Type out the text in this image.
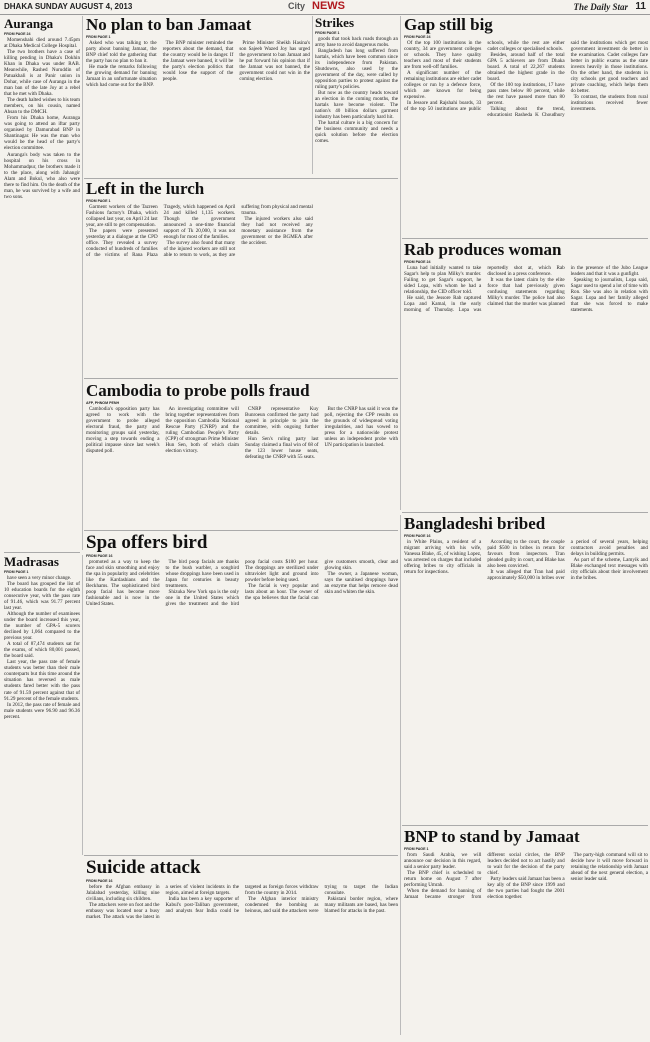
DHAKA SUNDAY AUGUST 4, 2013	City NEWS	The Daily Star 11
Auranga
FROM PAGE 24

Momenshahi died around 7.45pm at Dhaka Medical College Hospital.

The two brothers have a case of killing pending in Dhaka's Dokhin Khan in Dhaka was under RAB. Meanwhile, Rashed Nuruddin of Patuakhali is at Panir union in Dohar, while case of Auranga in the man ban of the late Joy at a rebel that he met with Dhaka.

The death halted wishes to his team members, on his cousin, named Ahsan to the DMCH.

From his Dhaka home, Auranga was going to attend an iftar party organised by Damurabad BNP in Shantinagar. He was the man who would be the head of the party's election committee.

Auranga's body was taken to the hospital on his cross in Mohammadpur, the brothers made it to the place, along with Jahangir Alam and Bokul, who also were there to find him. On the death of the man, he was survived by a wife and two sons.

No plan to ban Jamaat
FROM PAGE 1

Asked who was talking to the party about banning Jamaat, the BNP chief told the gathering that the party has no plan to ban it.

He made the remarks following the growing demand for banning Jamaat in an unfortunate situation which had come out for the BNP.

The BNP minister reminded the reporters about the demand, that the country would be in danger. If the Jamaat were banned, it will be the party's election politics that would lose the support of the people.

Prime Minister Sheikh Hasina's son Sajeeb Wazed Joy has urged the government to ban Jamaat and he put forward his opinion that if the Jamaat was not banned, the government could not win in the coming election.

Strikes
FROM PAGE 1

goods that took back roads through an army base to avoid dangerous mobs.

Bangladesh has long suffered from hartals, which have been common since its independence from Pakistan. Shutdowns, also used by the government of the day, were called by opposition parties to protest against the ruling party's policies.

But now as the country heads toward an election in the coming months, the hartals have become violent. The nation's 40 billion dollars garment industry has been particularly hard hit.

The hartal culture is a big concern for the business community and needs a quick solution before the election comes.

Gap still big
FROM PAGE 24

Of the top 100 institutions in the country, 34 are government colleges or schools. They have quality teachers and most of their students are from well-off families.

A significant number of the remaining institutions are either cadet colleges or run by a defence force, which are known for being expensive.

In Jessore and Rajshahi boards, 33 of the top 50 institutions are public schools, while the rest are either cadet colleges or specialised schools.

Besides, around half of the total GPA 5 achievers are from Dhaka board. A total of 22,267 students obtained the highest grade in the board.

Of the 100 top institutions, 17 have pass rates below 80 percent, while the rest have passed more than 80 percent.

Talking about the trend, educationist Rasheda K Choudhury said the institutions which get most government investment do better in the examination. Cadet colleges fare better in public exams as the state invests heavily in those institutions. On the other hand, the students in city schools get good teachers and private coaching, which helps them do better.

To contrast, the students from rural institutions received fewer investments.

Left in the lurch
FROM PAGE 1

Garment workers of the Tazreen Fashions factory's Dhaka, which collapsed last year, on April 24 last year, are still to get compensation.

The papers were presented yesterday at a dialogue at the CPD office. They revealed a survey conducted of hundreds of families of the victims of Rana Plaza Tragedy, which happened on April 24 and killed 1,135 workers. Though the government announced a one-time financial support of Tk 20,000, it was not enough for most of the families.

The survey also found that many of the injured workers are still not able to return to work, as they are suffering from physical and mental trauma.

The injured workers also said they had not received any monetary assistance from the government or the BGMEA after the accident.

Cambodia to probe polls fraud
AFP, PHNOM PENH

Cambodia's opposition party has agreed to work with the government to probe alleged electoral fraud, the party and monitoring groups said yesterday, moving a step towards ending a political impasse since last week's disputed poll.

An investigating committee will bring together representatives from the opposition Cambodia National Rescue Party (CNRP) and the ruling Cambodian People's Party (CPP) of strongman Prime Minister Hun Sen, both of which claim election victory.

CNRP representative Kuy Bunroeun confirmed the party had agreed in principle to join the committee, with ongoing further details.

Hun Sen's ruling party last Sunday claimed a final win of 68 of the 123 lower house seats, defeating the CNRP with 55 seats.

But the CNRP has said it won the poll, rejecting the CPP results on the grounds of widespread voting irregularities, and has vowed to press for a nationwide protest unless an independent probe with UN participation is launched.

Rab produces woman
FROM PAGE 24

Luna had initially wanted to take Sagar's help to plan Milky's murder. Failing to get Sagar's support, he sided Lopa, with whom he had a relationship, the CID officer told.

He said, the Jessore Rab captured Lopa and Kamal, in the early morning of Thursday. Lopa was reportedly shot at, which Rab disclosed in a press conference.

It was the latest claim by the elite force that had previously given confusing statements regarding Milky's murder. The police had also claimed that the murder was planned in the presence of the Jubo League leaders and that it was a gunfight.

Speaking to journalists, Lopa said, Sagar used to spend a lot of time with Ron. She was also in relation with Sagar. Lopa and her family alleged that she was forced to make statements.

Madrasas
FROM PAGE 1

have seen a very minor change.

The board has grouped the list of 10 education boards for the eighth consecutive year, with the pass rate of 91.46, which was 91.77 percent last year.

Although the number of examinees under the board increased this year, the number of GPA-5 scorers declined by 1,064 compared to the previous year.

A total of 87,474 students sat for the exams, of which 80,001 passed, the board said.

Last year, the pass rate of female students was better than their male counterparts but this time around the situation has reversed as male students fared better with the pass rate of 91.59 percent against that of 91.29 percent of the female students.

In 2012, the pass rate of female and male students were 96.90 and 96.36 percent.

Spa offers bird
FROM PAGE 16

promoted as a way to keep the face and skin smoothing and enjoy the spa in popularity and celebrities like the Kardashians and the Beckhams. The sophisticated bird poop facial has become more fashionable and is now in the United States.

The bird poop facials are thanks to the bush warbler, a songbird whose droppings have been used in Japan for centuries in beauty treatments.

Shizuka New York spa is the only one in the United States which gives the treatment and the bird poop facial costs $180 per hour. The droppings are sterilized under ultraviolet light and ground into powder before being used.

The facial is very popular and lasts about an hour. The owner of the spa believes that the facial can give customers smooth, clear and glowing skin.

The owner, a Japanese woman, says the sanitised droppings have an enzyme that helps remove dead skin and whiten the skin.

Bangladeshi bribed
FROM PAGE 16

in White Plains, a resident of a migrant arriving with his wife, Vanessa Blake, 45, of wishing Lopez, was arrested on charges that included offering bribes to city officials in return for inspections.

According to the court, the couple paid $500 in bribes in return for favours from inspectors. Tran pleaded guilty in court, and Blake has also been convicted.

It was alleged that Tran had paid approximately $50,000 in bribes over a period of several years, helping contractors avoid penalties and delays in building permits.

As part of the scheme, Lamyik and Blake exchanged text messages with city officials about their involvement in the bribes.

Suicide attack
FROM PAGE 16

before the Afghan embassy in Jalalabad yesterday, killing nine civilians, including six children.

The attackers were on foot and the embassy was located near a busy market. The attack was the latest in a series of violent incidents in the region, aimed at foreign targets.

India has been a key supporter of Kabul's post-Taliban government, and analysts fear India could be targeted as foreign forces withdraw from the country in 2014.

The Afghan interior ministry condemned the bombing as heinous, and said the attackers were trying to target the Indian consulate.

Pakistani border region, where many militants are based, has been blamed for attacks in the past.

BNP to stand by Jamaat
FROM PAGE 1

from Saudi Arabia, we will announce our decision in this regard, said a senior party leader.

The BNP chief is scheduled to return home on August 7 after performing Umrah.

When the demand for banning of Jamaat became stronger from different social circles, the BNP leaders decided not to act hastily and to wait for the decision of the party chief.

Party leaders said Jamaat has been a key ally of the BNP since 1999 and the two parties had fought the 2001 election together.

The party-high command will sit to decide how it will move forward in retaining the relationship with Jamaat ahead of the next general election, a senior leader said.
